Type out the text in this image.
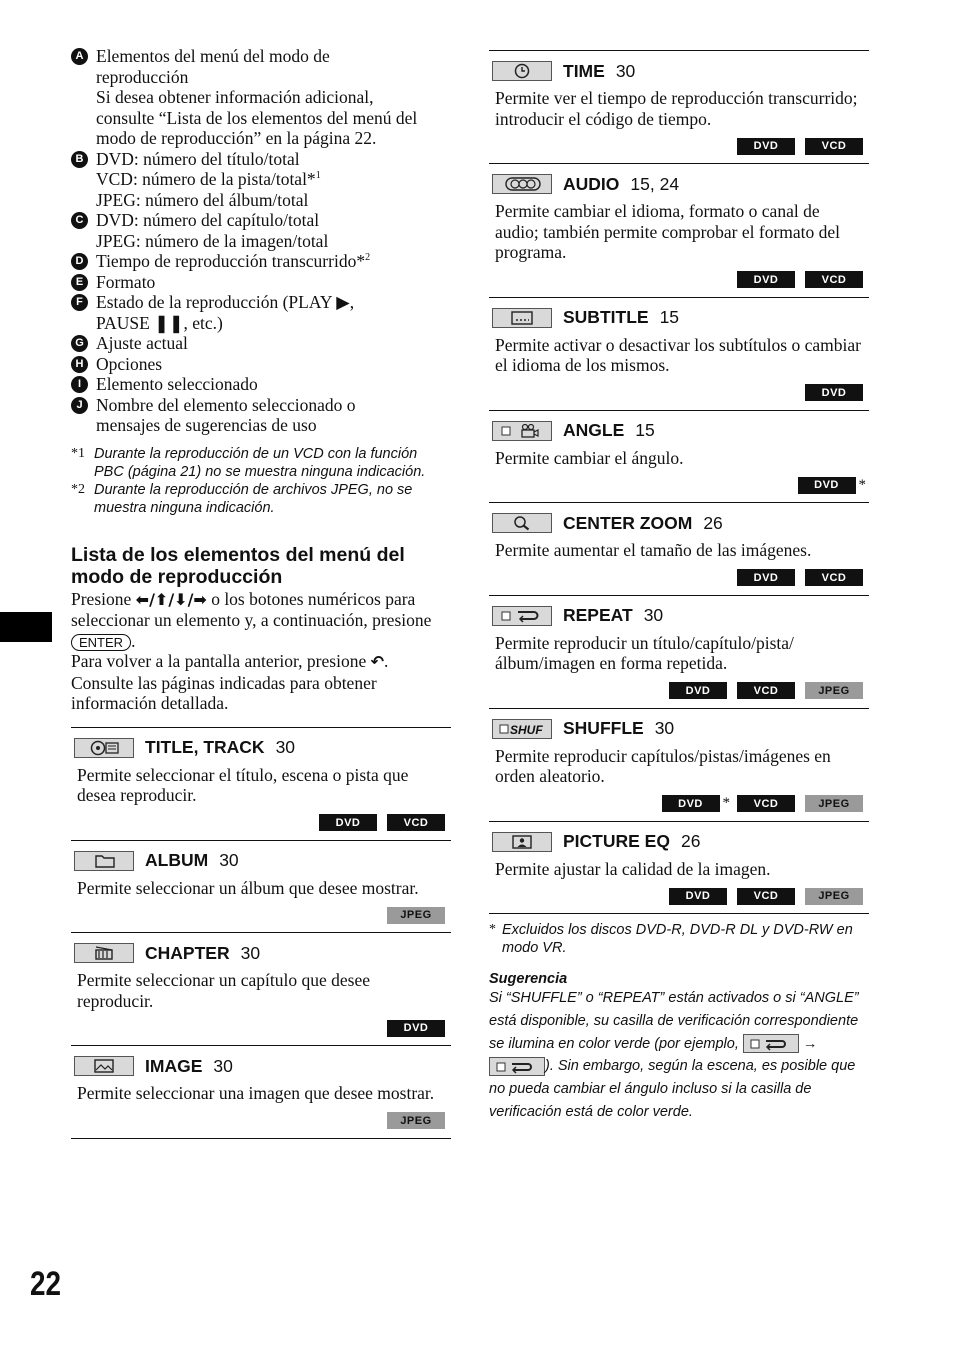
A Elementos del menú del modo de
reproducción
Si desea obtener información adicional,
consulte “Lista de los elementos del menú del
modo de reproducción” en la página 22.
B DVD: número del título/total
VCD: número de la pista/total*$^1$
JPEG: número del álbum/total
C DVD: número del capítulo/total
JPEG: número de la imagen/total
D Tiempo de reproducción transcurrido*$^2$
E Formato
F Estado de la reproducción (PLAY ▶,
PAUSE ❚❚, etc.)
G Ajuste actual
H Opciones
I Elemento seleccionado
J Nombre del elemento seleccionado o
mensajes de sugerencias de uso
*1 Durante la reproducción de un VCD con la función PBC (página 21) no se muestra ninguna indicación.
*2 Durante la reproducción de archivos JPEG, no se muestra ninguna indicación.
Lista de los elementos del menú del modo de reproducción
Presione ⬅/⬆/⬇/➡ o los botones numéricos para seleccionar un elemento y, a continuación, presione ENTER .
Para volver a la pantalla anterior, presione ↶. Consulte las páginas indicadas para obtener información detallada.
TITLE, TRACK 30
Permite seleccionar el título, escena o pista que desea reproducir.
DVD	VCD
ALBUM 30
Permite seleccionar un álbum que desee mostrar.
JPEG
CHAPTER 30
Permite seleccionar un capítulo que desee reproducir.
DVD
IMAGE 30
Permite seleccionar una imagen que desee mostrar.
JPEG
TIME 30
Permite ver el tiempo de reproducción transcurrido; introducir el código de tiempo.
DVD	VCD
AUDIO 15, 24
Permite cambiar el idioma, formato o canal de audio; también permite comprobar el formato del programa.
DVD	VCD
SUBTITLE 15
Permite activar o desactivar los subtítulos o cambiar el idioma de los mismos.
DVD
ANGLE 15
Permite cambiar el ángulo.
DVD	*
CENTER ZOOM 26
Permite aumentar el tamaño de las imágenes.
DVD	VCD
REPEAT 30
Permite reproducir un título/capítulo/pista/ álbum/imagen en forma repetida.
DVD	VCD	JPEG
SHUF SHUFFLE 30
Permite reproducir capítulos/pistas/imágenes en orden aleatorio.
DVD	*	VCD	JPEG
PICTURE EQ 26
Permite ajustar la calidad de la imagen.
DVD	VCD	JPEG
* Excluidos los discos DVD-R, DVD-R DL y DVD-RW en modo VR.
Sugerencia
Si “SHUFFLE” o “REPEAT” están activados o si “ANGLE” está disponible, su casilla de verificación correspondiente se ilumina en color verde (por ejemplo,	→
). Sin embargo, según la escena, es posible que no pueda cambiar el ángulo incluso si la casilla de verificación está de color verde.
22
